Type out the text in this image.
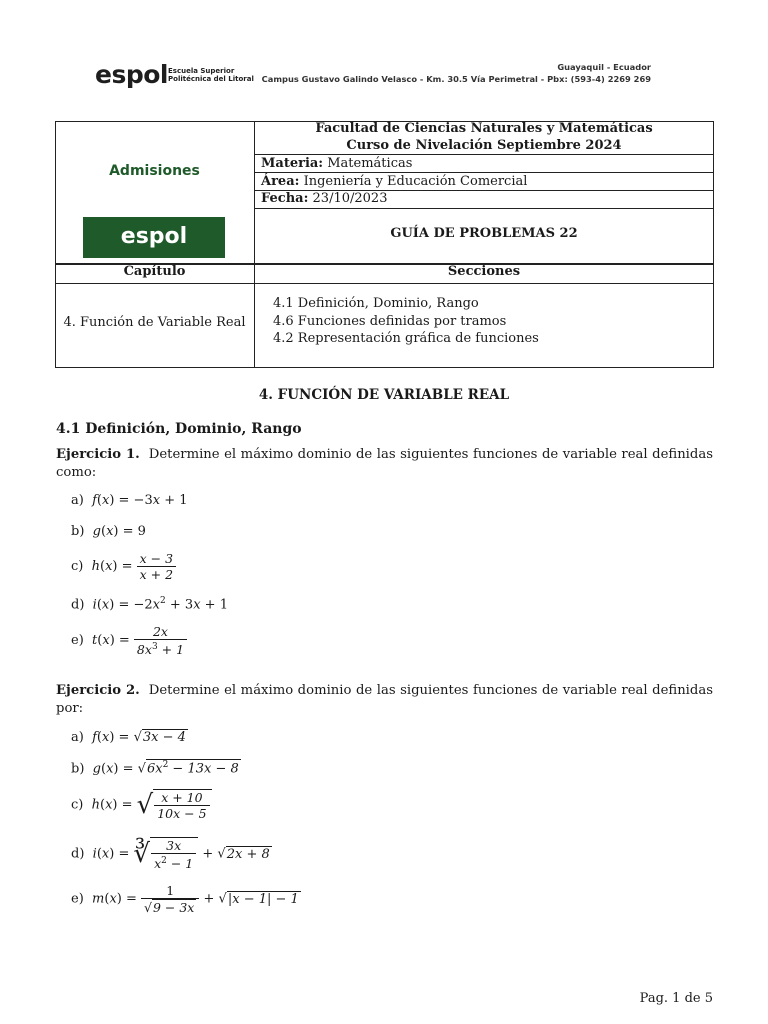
espol Escuela Superior
Politécnica del Litoral
Guayaquil - Ecuador
Campus Gustavo Galindo Velasco - Km. 30.5 Vía Perimetral - Pbx: (593-4) 2269 269
Admisiones
espol
Facultad de Ciencias Naturales y Matemáticas
Curso de Nivelación Septiembre 2024
Materia: Matemáticas
Área: Ingeniería y Educación Comercial
Fecha: 23/10/2023
GUÍA DE PROBLEMAS 22
Capítulo	Secciones
4. Función de Variable Real
4.1 Definición, Dominio, Rango
4.6 Funciones definidas por tramos
4.2 Representación gráfica de funciones
4. FUNCIÓN DE VARIABLE REAL
4.1 Definición, Dominio, Rango
Ejercicio 1. Determine el máximo dominio de las siguientes funciones de variable real definidas como:
a)  f(x) = −3x + 1
b)  g(x) = 9
c)  $h(x) = \frac{x - 3}{x + 2}$
d)  $i(x) = -2x^2 + 3x + 1$
e)  $t(x) = \frac{2x}{8x^3 + 1}$
Ejercicio 2. Determine el máximo dominio de las siguientes funciones de variable real definidas por:
a)  f(x) = √3x − 4
b)  $g(x) = √6x^2 - 13x - 8$
c)  h(x) = √ $\frac{x + 10}{10x - 5}$
d)  i(x) = ∛ $\frac{3x}{x^2 - 1} + √2x + 8$
e)  $m(x) = \frac{1}{√9 - 3x} + √|x - 1| - 1$
Pag. 1 de 5
